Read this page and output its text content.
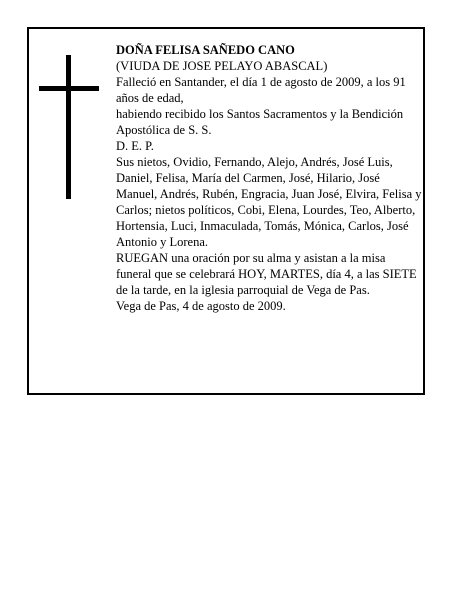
DOÑA FELISA SAÑEDO CANO

(VIUDA DE JOSE PELAYO ABASCAL)

Falleció en Santander, el día 1 de agosto de 2009, a los 91 años de edad,

habiendo recibido los Santos Sacramentos y la Bendición Apostólica de S. S.

D. E. P.

Sus nietos, Ovidio, Fernando, Alejo, Andrés, José Luis, Daniel, Felisa, María del Carmen, José, Hilario, José Manuel, Andrés, Rubén, Engracia, Juan José, Elvira, Felisa y Carlos; nietos políticos, Cobi, Elena, Lourdes, Teo, Alberto, Hortensia, Luci, Inmaculada, Tomás, Mónica, Carlos, José Antonio y Lorena.

RUEGAN una oración por su alma y asistan a la misa funeral que se celebrará HOY, MARTES, día 4, a las SIETE de la tarde, en la iglesia parroquial de Vega de Pas.

Vega de Pas, 4 de agosto de 2009.
